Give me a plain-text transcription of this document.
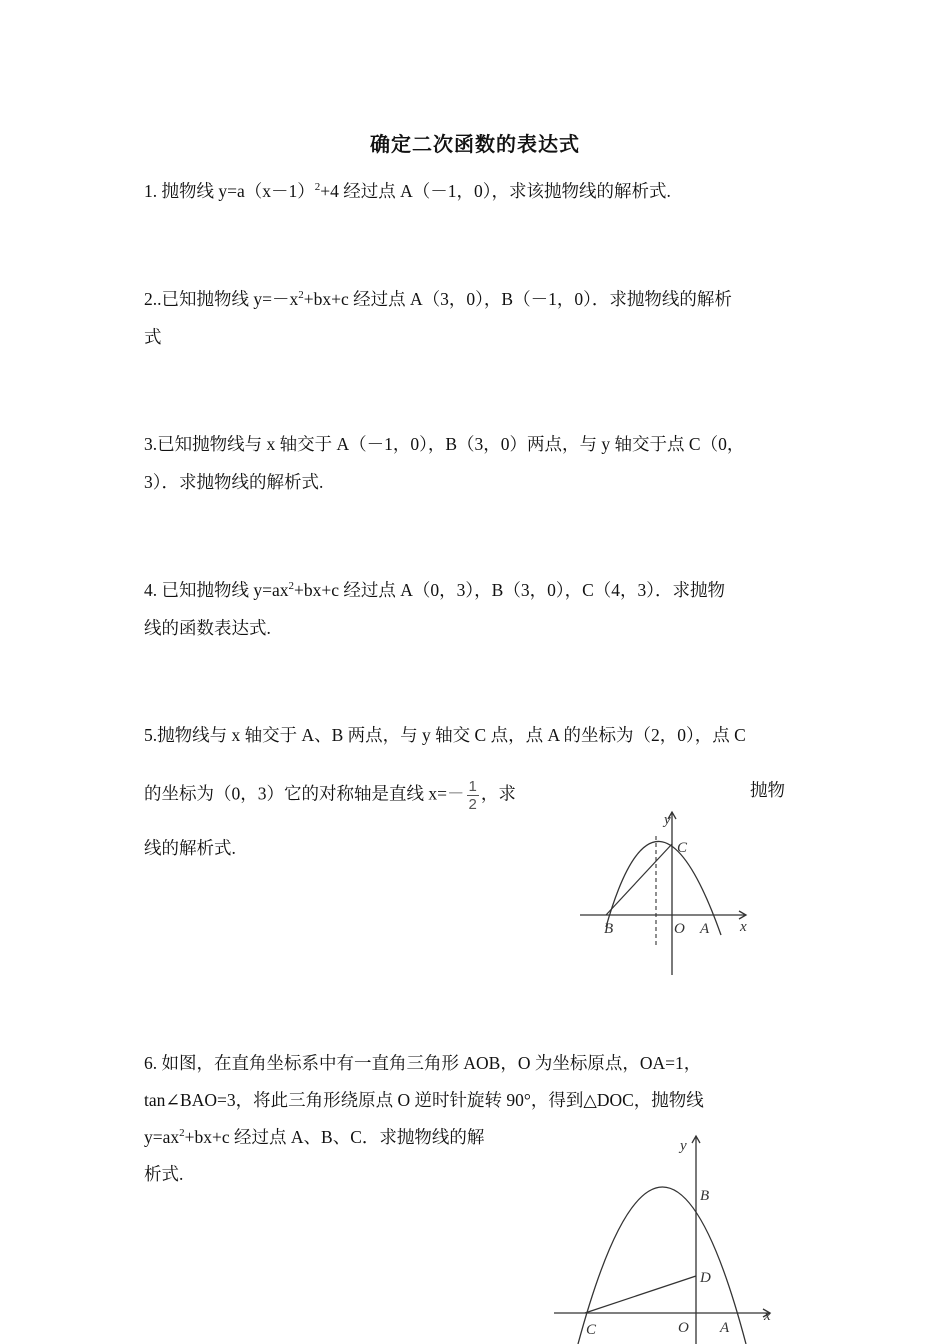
确定二次函数的表达式
1. 抛物线 $y=a(x-1)^2+4$ 经过点 A（－1，0），求该抛物线的解析式.
2..已知抛物线 $y=-x^2+bx+c$ 经过点 A（3，0），B（－1，0）．求抛物线的解析
式
3.已知抛物线与 x 轴交于 A（－1，0），B（3，0）两点，与 y 轴交于点 C（0，
3）．求抛物线的解析式.
4. 已知抛物线 $y=ax^2+bx+c$ 经过点 A（0，3），B（3，0），C（4，3）．求抛物
线的函数表达式.
5.抛物线与 x 轴交于 A、B 两点，与 y 轴交 C 点，点 A 的坐标为（2，0），点 C
的坐标为（0，3）它的对称轴是直线 $x=- \frac{1}{2}$ ，求	抛物
线的解析式.
y
x
C
B	O A
6. 如图，在直角坐标系中有一直角三角形 AOB，O 为坐标原点，OA=1，
tan∠BAO=3，将此三角形绕原点 O 逆时针旋转 90°，得到△DOC，抛物线
$y=ax^2+bx+c$ 经过点 A、B、C．求抛物线的解
析式.
y
x
B
D
C	O A
